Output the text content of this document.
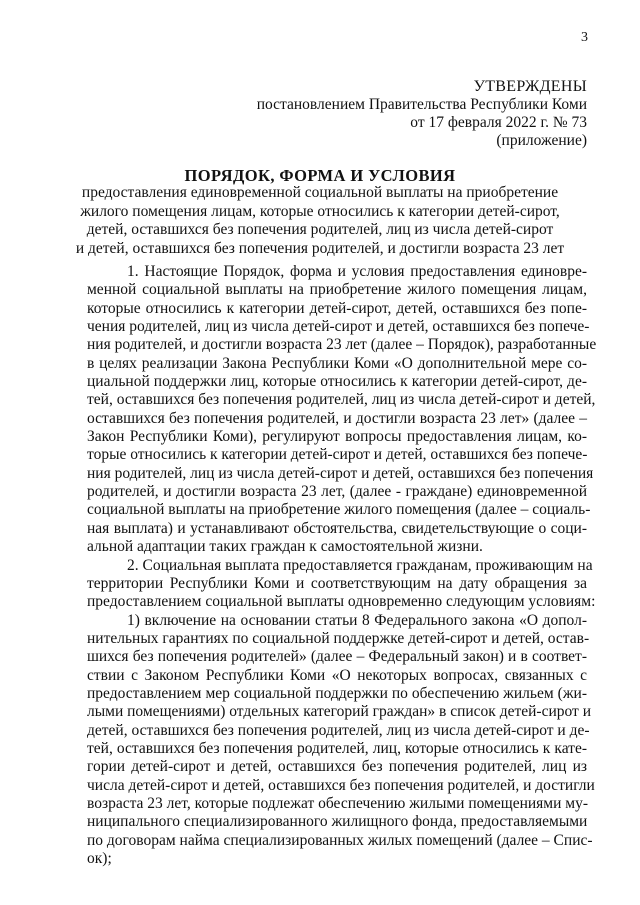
3
УТВЕРЖДЕНЫ
постановлением Правительства Республики Коми
от 17 февраля 2022 г. № 73
(приложение)
ПОРЯДОК, ФОРМА И УСЛОВИЯ
предоставления единовременной социальной выплаты на приобретение
жилого помещения лицам, которые относились к категории детей-сирот,
детей, оставшихся без попечения родителей, лиц из числа детей-сирот
и детей, оставшихся без попечения родителей, и достигли возраста 23 лет
1. Настоящие Порядок, форма и условия предоставления единовре-
менной социальной выплаты на приобретение жилого помещения лицам,
которые относились к категории детей-сирот, детей, оставшихся без попе-
чения родителей, лиц из числа детей-сирот и детей, оставшихся без попече-
ния родителей, и достигли возраста 23 лет (далее – Порядок), разработанные
в целях реализации Закона Республики Коми «О дополнительной мере со-
циальной поддержки лиц, которые относились к категории детей-сирот, де-
тей, оставшихся без попечения родителей, лиц из числа детей-сирот и детей,
оставшихся без попечения родителей, и достигли возраста 23 лет» (далее –
Закон Республики Коми), регулируют вопросы предоставления лицам, ко-
торые относились к категории детей-сирот и детей, оставшихся без попече-
ния родителей, лиц из числа детей-сирот и детей, оставшихся без попечения
родителей, и достигли возраста 23 лет, (далее - граждане) единовременной
социальной выплаты на приобретение жилого помещения (далее – социаль-
ная выплата) и устанавливают обстоятельства, свидетельствующие о соци-
альной адаптации таких граждан к самостоятельной жизни.
2. Социальная выплата предоставляется гражданам, проживающим на
территории Республики Коми и соответствующим на дату обращения за
предоставлением социальной выплаты одновременно следующим условиям:
1) включение на основании статьи 8 Федерального закона «О допол-
нительных гарантиях по социальной поддержке детей-сирот и детей, остав-
шихся без попечения родителей» (далее – Федеральный закон) и в соответ-
ствии с Законом Республики Коми «О некоторых вопросах, связанных с
предоставлением мер социальной поддержки по обеспечению жильем (жи-
лыми помещениями) отдельных категорий граждан» в список детей-сирот и
детей, оставшихся без попечения родителей, лиц из числа детей-сирот и де-
тей, оставшихся без попечения родителей, лиц, которые относились к кате-
гории детей-сирот и детей, оставшихся без попечения родителей, лиц из
числа детей-сирот и детей, оставшихся без попечения родителей, и достигли
возраста 23 лет, которые подлежат обеспечению жилыми помещениями му-
ниципального специализированного жилищного фонда, предоставляемыми
по договорам найма специализированных жилых помещений (далее – Спис-
ок);
